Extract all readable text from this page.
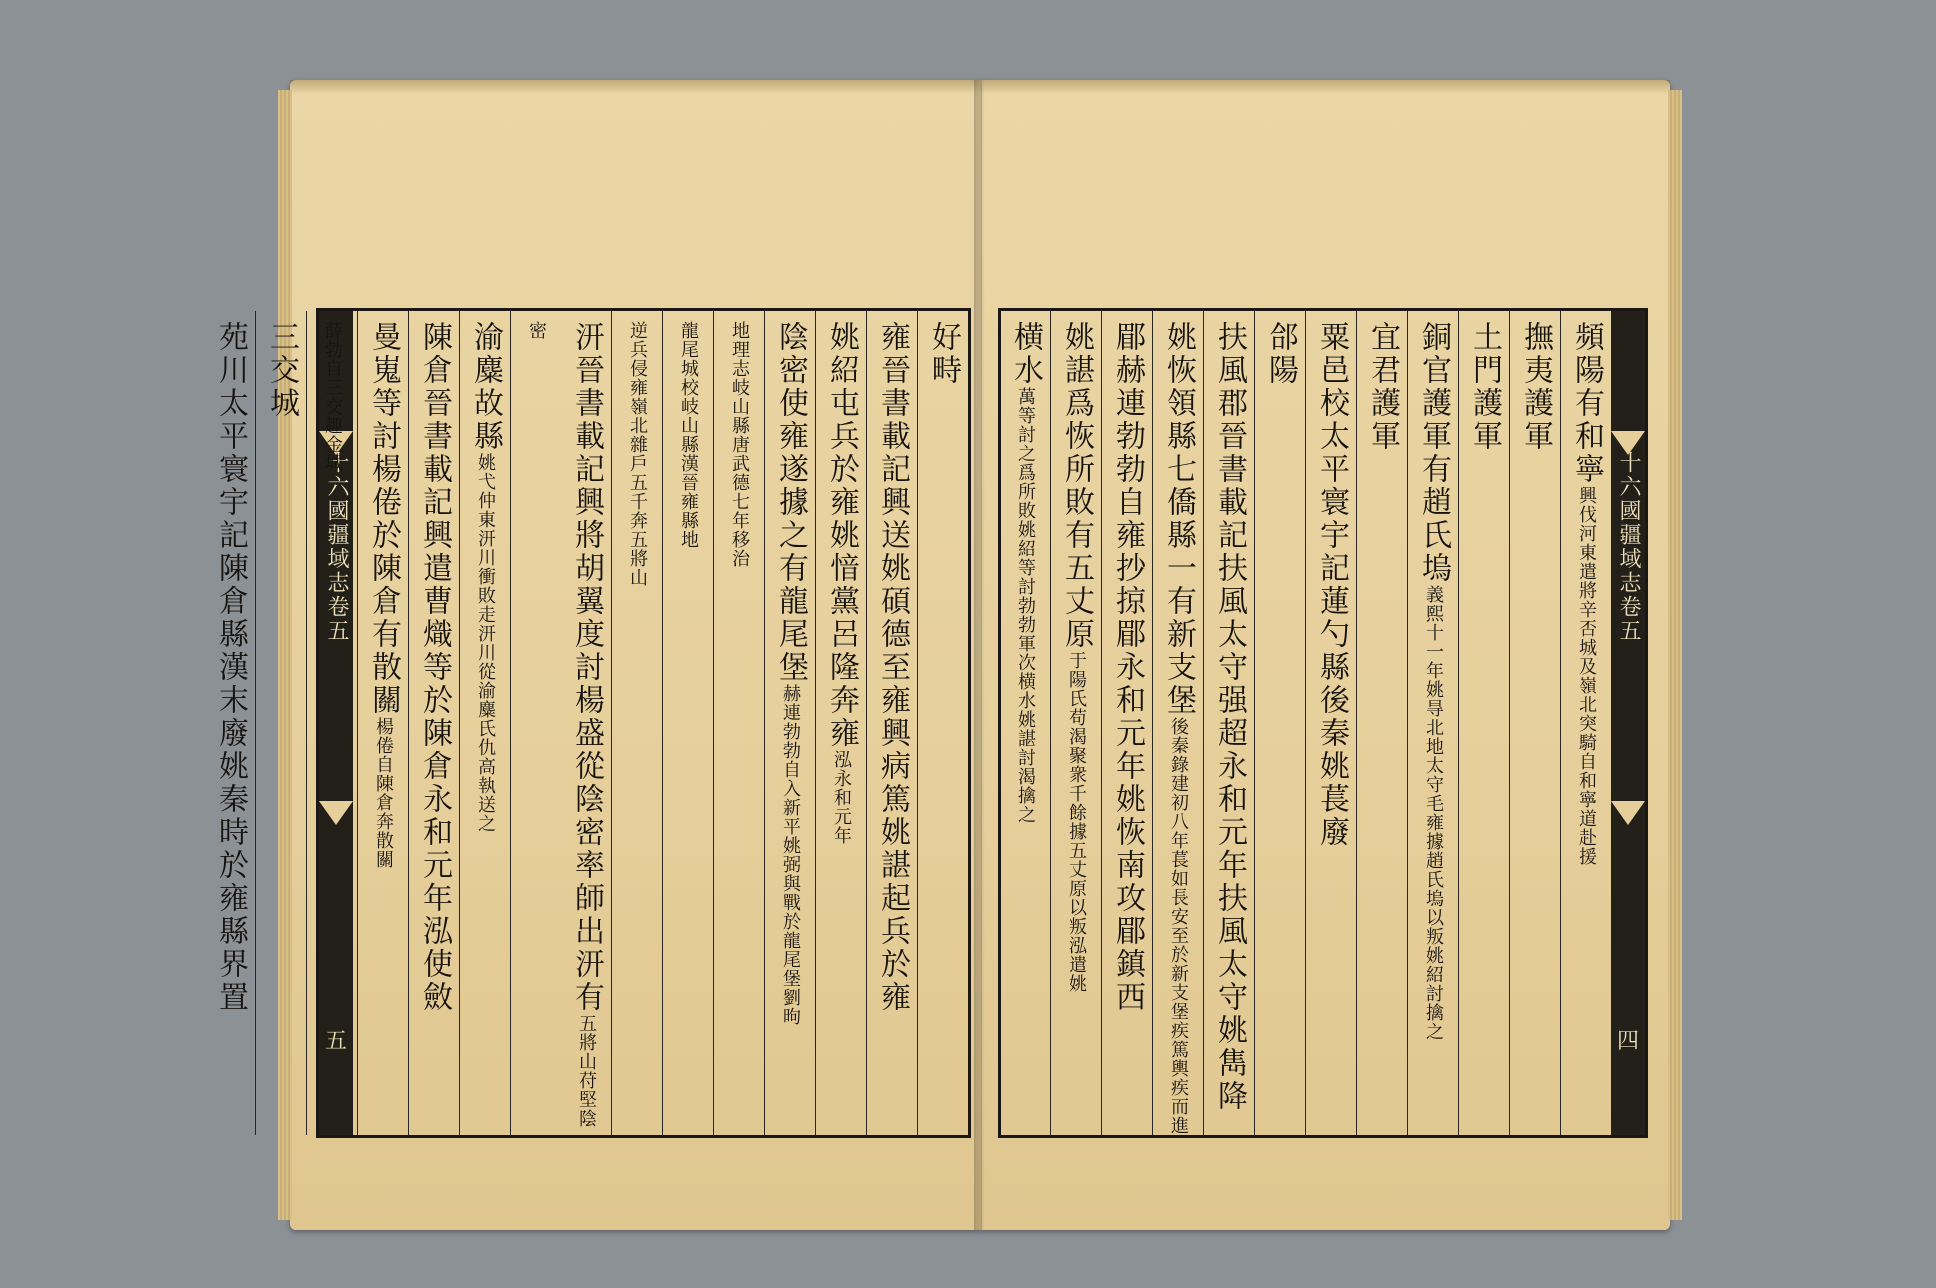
十六國疆域志卷五
五
好畤
雍晉書載記興送姚碩德至雍興病篤姚諶起兵於雍
姚紹屯兵於雍姚愔黨呂隆奔雍泓永和元年
陰密使雍遂據之有龍尾堡赫連勃勃自入新平姚弼與戰於龍尾堡劉昫
地理志岐山縣唐武德七年移治
龍尾城校岐山縣漢晉雍縣地
逆兵侵雍嶺北雜戶五千奔五將山
汧晉書載記興將胡翼度討楊盛從陰密率師出汧有五將山苻堅陰密
渝麋故縣姚弋仲東汧川衝敗走汧川從渝麋氏仇高執送之
陳倉晉書載記興遣曹熾等於陳倉永和元年泓使斂
曼嵬等討楊倦於陳倉有散關楊倦自陳倉奔散關
薛勃自三交趣金城
三交城
苑川太平寰宇記陳倉縣漢末廢姚秦時於雍縣界置	頻陽有和寧興伐河東遣將辛否城及嶺北突騎自和寧道赴援
撫夷護軍
土門護軍
銅官護軍有趙氏塢義熙十一年姚㝵北地太守毛雍據趙氏塢以叛姚紹討擒之
宜君護軍
粟邑校太平寰宇記蓮勺縣後秦姚萇廢
郃陽
扶風郡晉書載記扶風太守强超永和元年扶風太守姚雋降
姚恢領縣七僑縣一有新支堡後秦錄建初八年萇如長安至於新支堡疾篤輿疾而進
郿赫連勃勃自雍抄掠郿永和元年姚恢南攻郿鎮西
姚諶爲恢所敗有五丈原于陽氏苟渴聚衆千餘據五丈原以叛泓遣姚
横水萬等討之爲所敗姚紹等討勃勃軍次横水姚諶討渴擒之	十六國疆域志卷五
四
